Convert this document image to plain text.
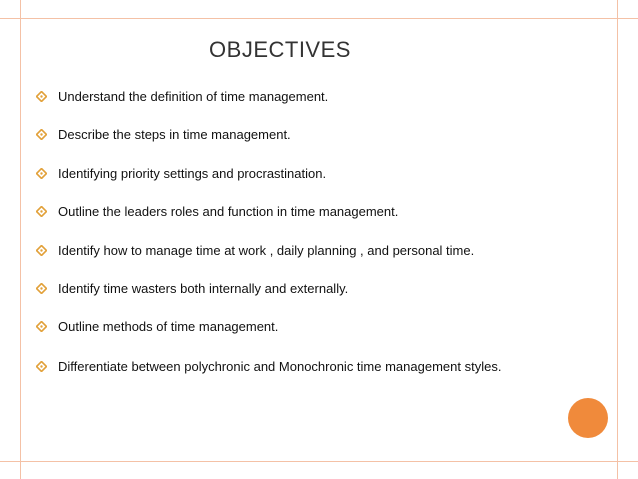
OBJECTIVES
Understand the definition of time management.
Describe the steps in time management.
Identifying priority settings and procrastination.
Outline the leaders roles and function in time management.
Identify how to manage time at work , daily planning , and personal time.
Identify time wasters both internally and externally.
Outline methods of time management.
Differentiate between polychronic and Monochronic time management styles.
